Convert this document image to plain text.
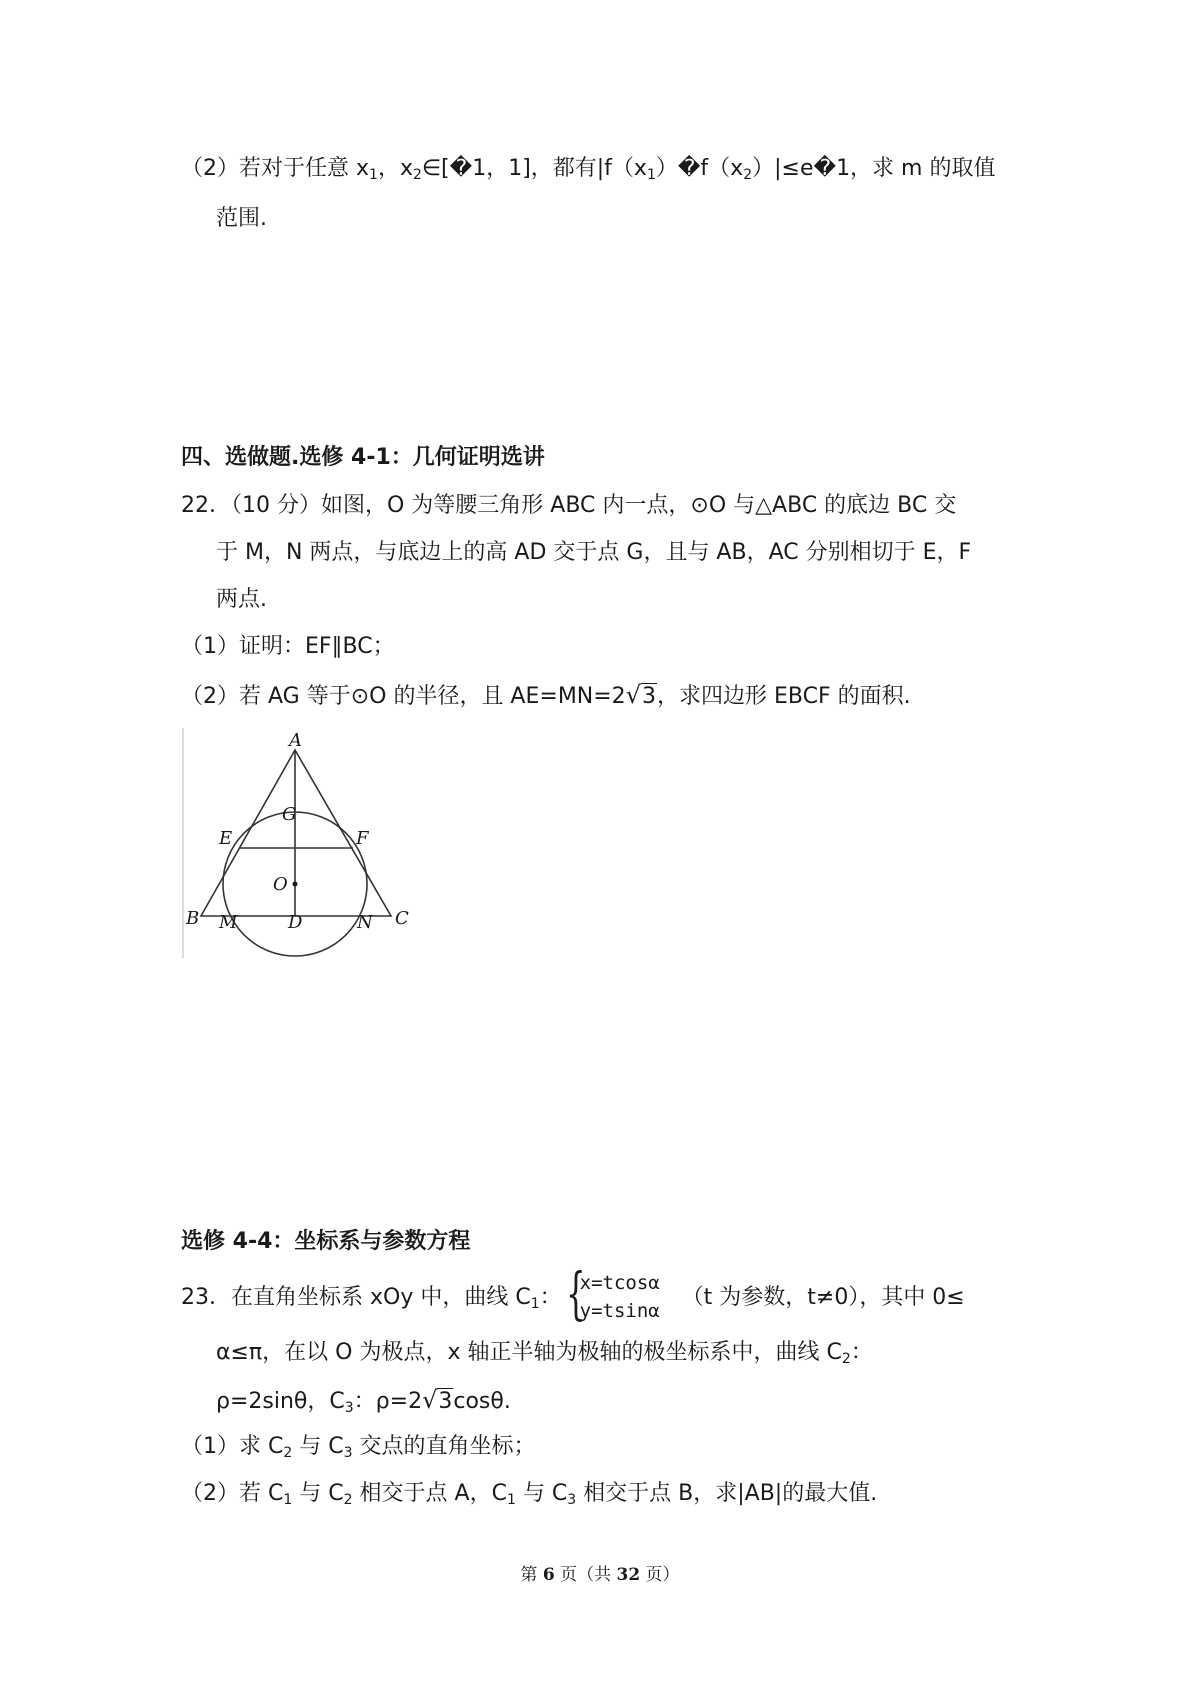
（2）若对于任意 $x_1$，$x_2\in[�1$，1]，都有$|f(x_1)�f(x_2)|\le e�1$，求 m 的取值
范围.
四、选做题.选修 4-1：几何证明选讲
22．（10 分）如图，O 为等腰三角形 ABC 内一点，⊙O 与△ABC 的底边 BC 交
于 M，N 两点，与底边上的高 AD 交于点 G，且与 AB，AC 分别相切于 E，F
两点.
（1）证明：EF∥BC；
（2）若 AG 等于⊙O 的半径，且 AE=MN=2√3，求四边形 EBCF 的面积.
A
G
E	F
O
B M	D	N C
选修 4-4：坐标系与参数方程
23．在直角坐标系 xOy 中，曲线 $C_1$： {
x=tcosα
y=tsinα
（t 为参数，t≠0），其中 0≤
α≤π，在以 O 为极点，x 轴正半轴为极轴的极坐标系中，曲线 $C_2$：
ρ=2sinθ，$C_3$：ρ=2√3cosθ.
（1）求 $C_2$ 与 $C_3$ 交点的直角坐标；
（2）若 $C_1$ 与 $C_2$ 相交于点 A，$C_1$ 与 $C_3$ 相交于点 B，求|AB|的最大值.
第 6 页（共 32 页）
